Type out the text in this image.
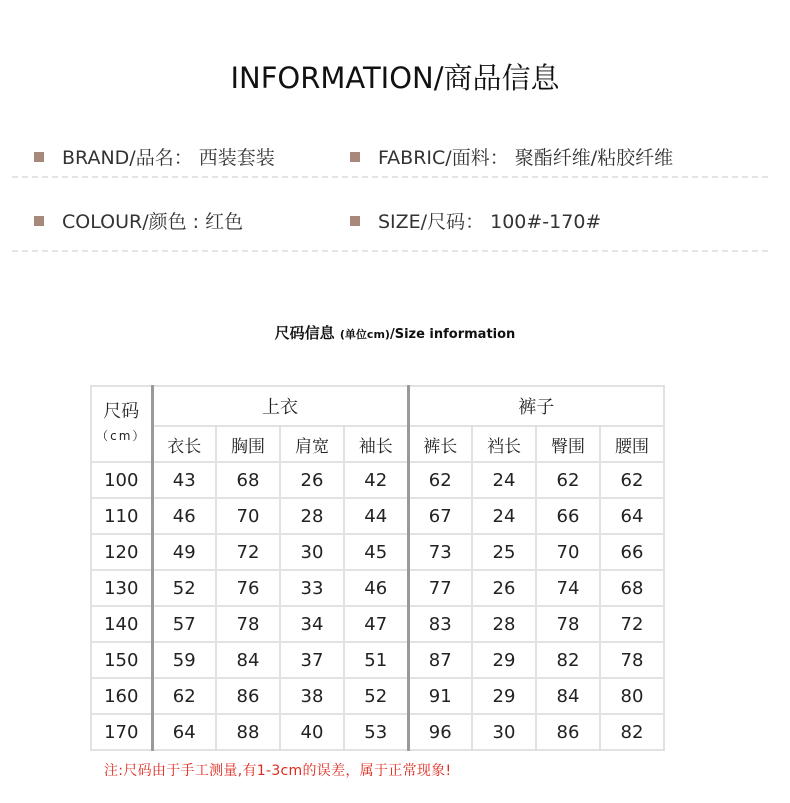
INFORMATION/商品信息
BRAND/品名： 西装套装	FABRIC/面料： 聚酯纤维/粘胶纤维
COLOUR/颜色 : 红色	SIZE/尺码： 100#-170#
尺码信息 (单位cm)/Size information
尺码
（cm）	上衣				裤子			
	衣长	胸围	肩宽	袖长	裤长	裆长	臀围	腰围
100	43	68	26	42	62	24	62	62
110	46	70	28	44	67	24	66	64
120	49	72	30	45	73	25	70	66
130	52	76	33	46	77	26	74	68
140	57	78	34	47	83	28	78	72
150	59	84	37	51	87	29	82	78
160	62	86	38	52	91	29	84	80
170	64	88	40	53	96	30	86	82
注:尺码由于手工测量,有1-3cm的误差，属于正常现象!
